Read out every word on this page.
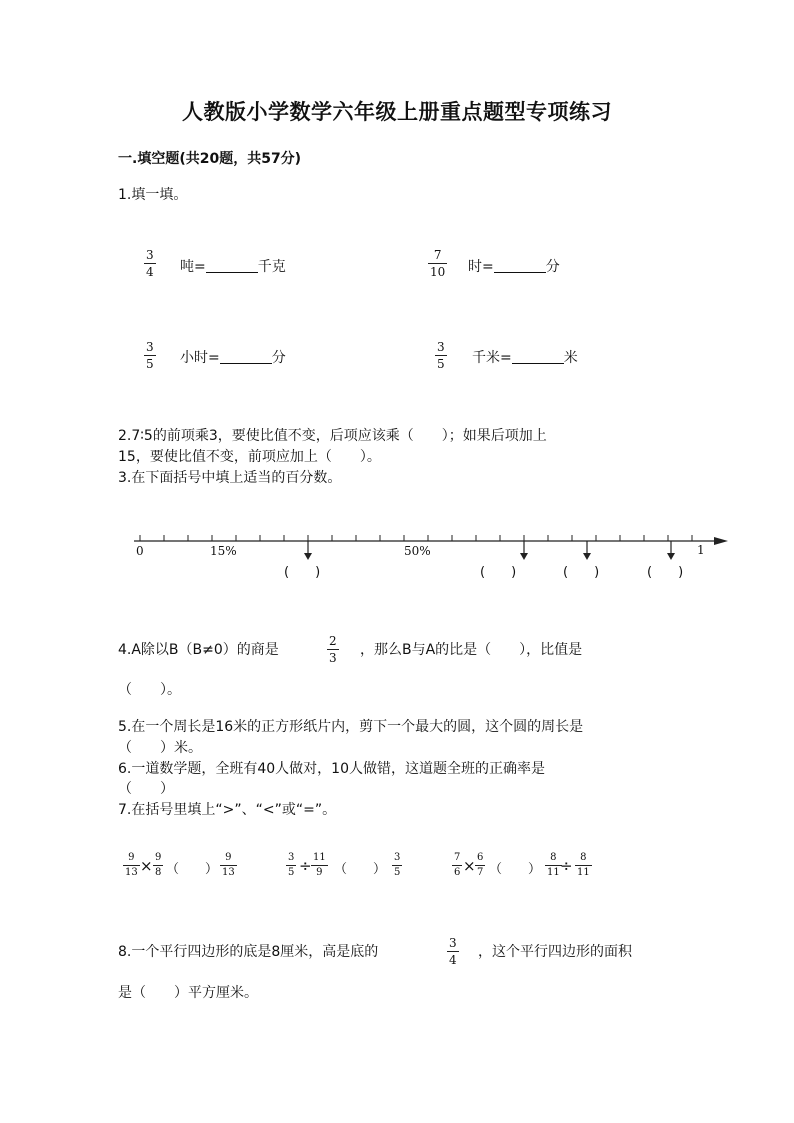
人教版小学数学六年级上册重点题型专项练习
一.填空题(共20题，共57分)
1.填一填。
3
4 吨=	千克
7
10 时=	分
3
5 小时=	分
3
5 千米=	米
2.7∶5的前项乘3，要使比值不变，后项应该乘（　　）；如果后项加上
15，要使比值不变，前项应加上（　　）。
3.在下面括号中填上适当的百分数。
0	15%	50%	1
(　　)	(　　)	(　　)	(　　)
4.A除以B（B≠0）的商是
2
3 ，那么B与A的比是（　　），比值是
（　　）。
5.在一个周长是16米的正方形纸片内，剪下一个最大的圆，这个圆的周长是
（　　）米。
6.一道数学题，全班有40人做对，10人做错，这道题全班的正确率是
（　　）
7.在括号里填上“>”、“<”或“=”。
9
13 × 9
8 （　　）
9
13
3
5 ÷ 11
9 （　　）
3
5
7
6 × 6
7 （　　）
8
11 ÷ 8
11
8.一个平行四边形的底是8厘米，高是底的
3
4 ，这个平行四边形的面积
是（　　）平方厘米。
